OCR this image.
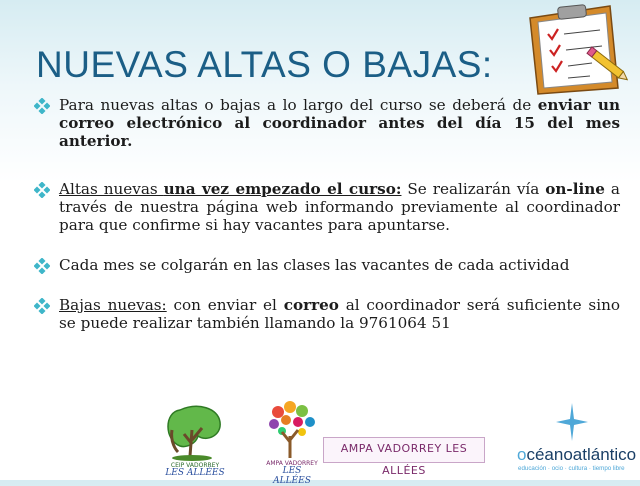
NUEVAS ALTAS O BAJAS:
Para nuevas altas o bajas a lo largo del curso se deberá de enviar un correo electrónico al coordinador antes del día 15 del mes anterior.
Altas nuevas una vez empezado el curso: Se realizarán vía on-line a través de nuestra página web informando previamente al coordinador para que confirme si hay vacantes para apuntarse.
Cada mes se colgarán en las clases las vacantes de cada actividad
Bajas nuevas: con enviar el correo al coordinador será suficiente sino se puede realizar también llamando la 9761064 51
CEIP VADORREY
LES ALLÉES
AMPA VADORREY
LES ALLÉES
AMPA VADORREY LES ALLÉES
océanoatlántico
educación · ocio · cultura · tiempo libre
